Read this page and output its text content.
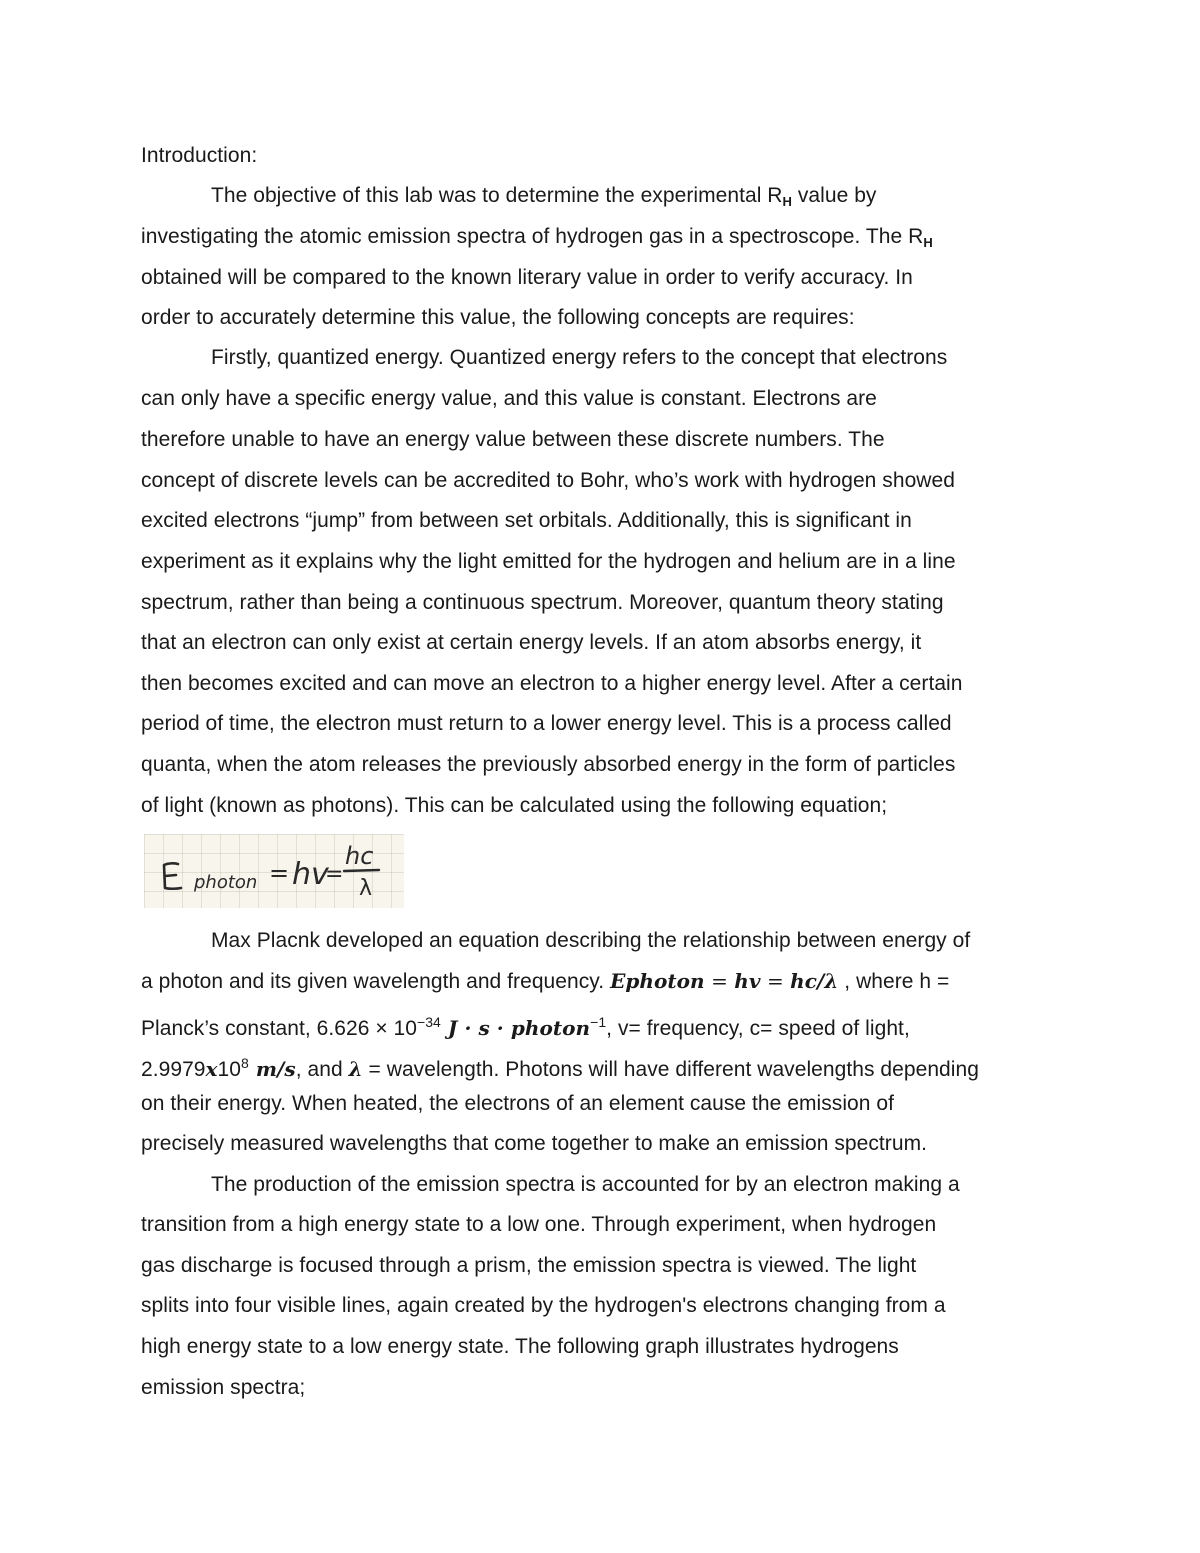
Introduction:
The objective of this lab was to determine the experimental $R_H$ value by
investigating the atomic emission spectra of hydrogen gas in a spectroscope. The $R_H$
obtained will be compared to the known literary value in order to verify accuracy. In
order to accurately determine this value, the following concepts are requires:
Firstly, quantized energy. Quantized energy refers to the concept that electrons
can only have a specific energy value, and this value is constant. Electrons are
therefore unable to have an energy value between these discrete numbers. The
concept of discrete levels can be accredited to Bohr, who’s work with hydrogen showed
excited electrons “jump” from between set orbitals. Additionally, this is significant in
experiment as it explains why the light emitted for the hydrogen and helium are in a line
spectrum, rather than being a continuous spectrum. Moreover, quantum theory stating
that an electron can only exist at certain energy levels. If an atom absorbs energy, it
then becomes excited and can move an electron to a higher energy level. After a certain
period of time, the electron must return to a lower energy level. This is a process called
quanta, when the atom releases the previously absorbed energy in the form of particles
of light (known as photons). This can be calculated using the following equation;
photon = hv
=
hc
λ
Max Placnk developed an equation describing the relationship between energy of
a photon and its given wavelength and frequency. Ephoton = hv = hc/λ , where h =
Planck’s constant, $6.626 \times 10^{-34}$ J · s · photon$^{-1}$, v= frequency, c= speed of light,
$2.9979x10^8$ m/s, and λ = wavelength. Photons will have different wavelengths depending
on their energy. When heated, the electrons of an element cause the emission of
precisely measured wavelengths that come together to make an emission spectrum.
The production of the emission spectra is accounted for by an electron making a
transition from a high energy state to a low one. Through experiment, when hydrogen
gas discharge is focused through a prism, the emission spectra is viewed. The light
splits into four visible lines, again created by the hydrogen's electrons changing from a
high energy state to a low energy state. The following graph illustrates hydrogens
emission spectra;
